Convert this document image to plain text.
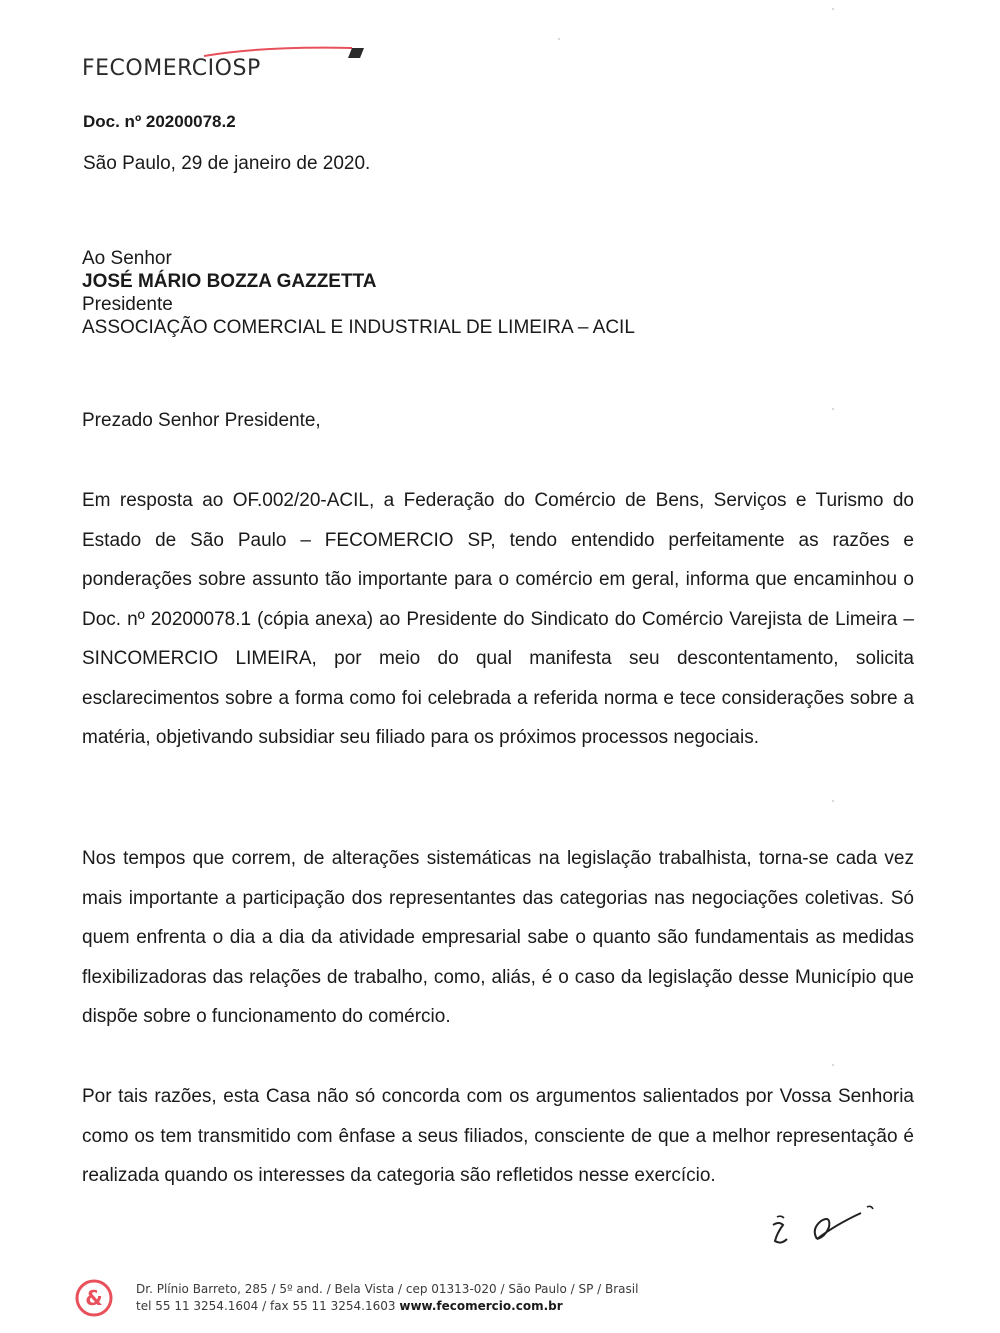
FECOMERCIOSP
Doc. nº 20200078.2
São Paulo, 29 de janeiro de 2020.
Ao Senhor
JOSÉ MÁRIO BOZZA GAZZETTA
Presidente
ASSOCIAÇÃO COMERCIAL E INDUSTRIAL DE LIMEIRA – ACIL
Prezado Senhor Presidente,
Em resposta ao OF.002/20-ACIL, a Federação do Comércio de Bens, Serviços e Turismo do Estado de São Paulo – FECOMERCIO SP, tendo entendido perfeitamente as razões e ponderações sobre assunto tão importante para o comércio em geral, informa que encaminhou o Doc. nº 20200078.1 (cópia anexa) ao Presidente do Sindicato do Comércio Varejista de Limeira – SINCOMERCIO LIMEIRA, por meio do qual manifesta seu descontentamento, solicita esclarecimentos sobre a forma como foi celebrada a referida norma e tece considerações sobre a matéria, objetivando subsidiar seu filiado para os próximos processos negociais.
Nos tempos que correm, de alterações sistemáticas na legislação trabalhista, torna-se cada vez mais importante a participação dos representantes das categorias nas negociações coletivas. Só quem enfrenta o dia a dia da atividade empresarial sabe o quanto são fundamentais as medidas flexibilizadoras das relações de trabalho, como, aliás, é o caso da legislação desse Município que dispõe sobre o funcionamento do comércio.
Por tais razões, esta Casa não só concorda com os argumentos salientados por Vossa Senhoria como os tem transmitido com ênfase a seus filiados, consciente de que a melhor representação é realizada quando os interesses da categoria são refletidos nesse exercício.
&	Dr. Plínio Barreto, 285 / 5º and. / Bela Vista / cep 01313-020 / São Paulo / SP / Brasil
tel 55 11 3254.1604 / fax 55 11 3254.1603 www.fecomercio.com.br
